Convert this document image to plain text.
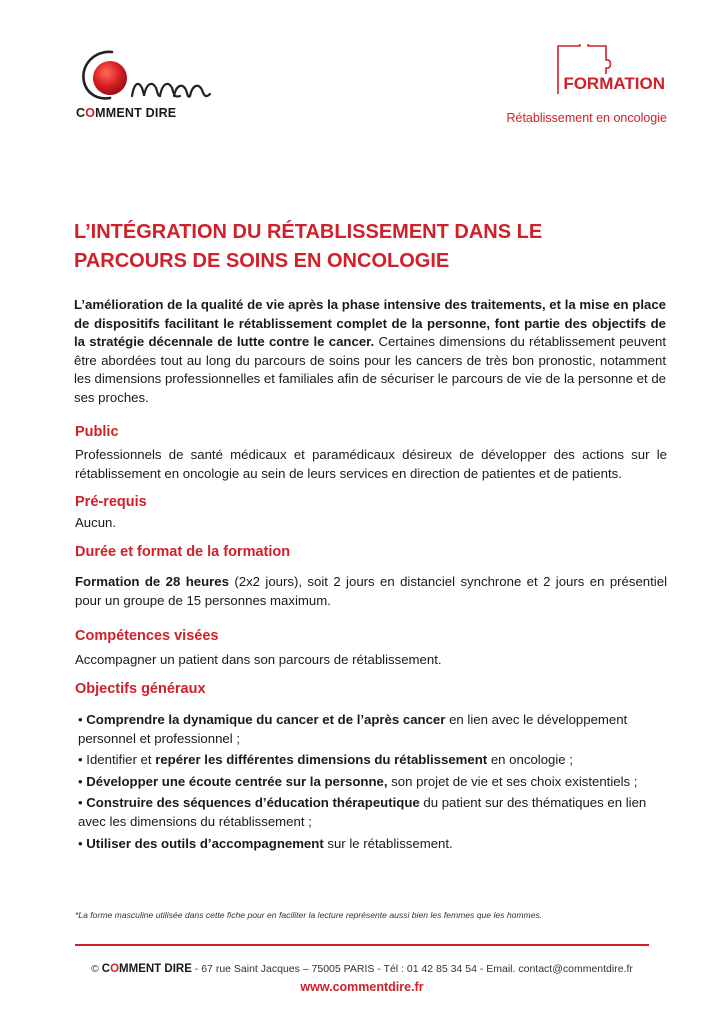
COMMENT DIRE
FORMATION
Rétablissement en oncologie
L’INTÉGRATION DU RÉTABLISSEMENT DANS LE PARCOURS DE SOINS EN ONCOLOGIE
L’amélioration de la qualité de vie après la phase intensive des traitements, et la mise en place de dispositifs facilitant le rétablissement complet de la personne, font partie des objectifs de la stratégie décennale de lutte contre le cancer. Certaines dimensions du rétablissement peuvent être abordées tout au long du parcours de soins pour les cancers de très bon pronostic, notamment les dimensions professionnelles et familiales afin de sécuriser le parcours de vie de la personne et de ses proches.
Public
Professionnels de santé médicaux et paramédicaux désireux de développer des actions sur le rétablissement en oncologie au sein de leurs services en direction de patientes et de patients.
Pré-requis
Aucun.
Durée et format de la formation
Formation de 28 heures (2x2 jours), soit 2 jours en distanciel synchrone et 2 jours en présentiel pour un groupe de 15 personnes maximum.
Compétences visées
Accompagner un patient dans son parcours de rétablissement.
Objectifs généraux
• Comprendre la dynamique du cancer et de l’après cancer en lien avec le développement personnel et professionnel ;
• Identifier et repérer les différentes dimensions du rétablissement en oncologie ;
• Développer une écoute centrée sur la personne, son projet de vie et ses choix existentiels ;
• Construire des séquences d’éducation thérapeutique du patient sur des thématiques en lien avec les dimensions du rétablissement ;
• Utiliser des outils d’accompagnement sur le rétablissement.
*La forme masculine utilisée dans cette fiche pour en faciliter la lecture représente aussi bien les femmes que les hommes.
© COMMENT DIRE - 67 rue Saint Jacques – 75005 PARIS - Tél : 01 42 85 34 54 - Email. contact@commentdire.fr
www.commentdire.fr
